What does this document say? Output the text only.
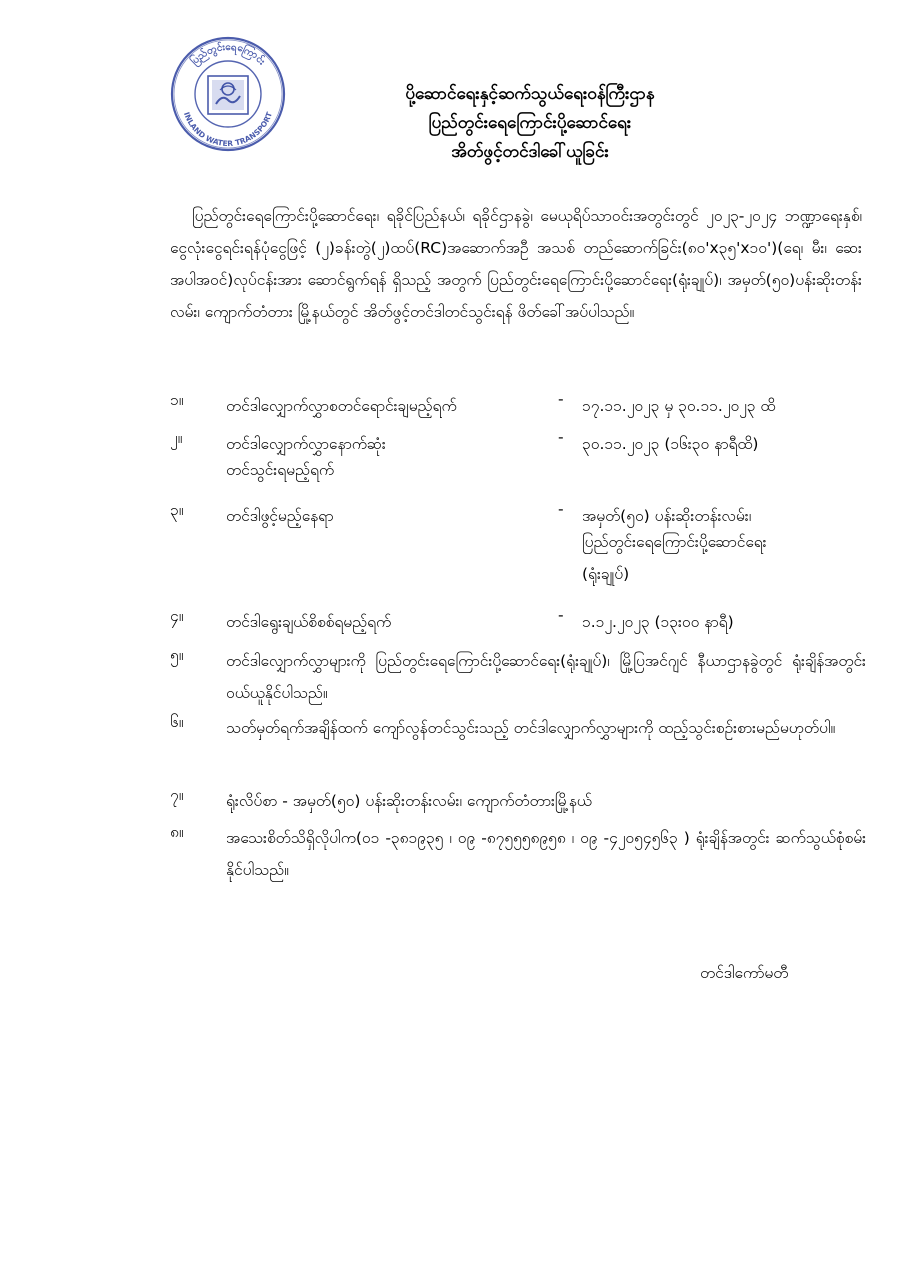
ပြည်တွင်းရေကြောင်း
INLAND WATER TRANSPORT
ပို့ဆောင်ရေးနှင့်ဆက်သွယ်ရေးဝန်ကြီးဌာန
ပြည်တွင်းရေကြောင်းပို့ဆောင်ရေး
အိတ်ဖွင့်တင်ဒါခေါ်ယူခြင်း
ပြည်တွင်းရေကြောင်းပို့ဆောင်ရေး၊ ရခိုင်ပြည်နယ်၊ ရခိုင်ဌာနခွဲ၊ မေယုရိပ်သာဝင်းအတွင်းတွင် ၂၀၂၃-၂၀၂၄ ဘဏ္ဍာရေးနှစ်၊ ငွေလုံးငွေရင်းရန်ပုံငွေဖြင့် (၂)ခန်းတွဲ(၂)ထပ်(RC)အဆောက်အဦ အသစ် တည်ဆောက်ခြင်း(၈၀'x၃၅'x၁၀')(ရေ၊ မီး၊ ဆေး အပါအဝင်)လုပ်ငန်းအား ဆောင်ရွက်ရန် ရှိသည့် အတွက် ပြည်တွင်းရေကြောင်းပို့ဆောင်ရေး(ရုံးချုပ်)၊ အမှတ်(၅၀)ပန်းဆိုးတန်းလမ်း၊ ကျောက်တံတား မြို့နယ်တွင် အိတ်ဖွင့်တင်ဒါတင်သွင်းရန် ဖိတ်ခေါ်အပ်ပါသည်။
၁။	တင်ဒါလျှောက်လွှာစတင်ရောင်းချမည့်ရက်	- ၁၇.၁၁.၂၀၂၃ မှ ၃၀.၁၁.၂၀၂၃ ထိ
၂။	တင်ဒါလျှောက်လွှာနောက်ဆုံး
တင်သွင်းရမည့်ရက်
- ၃၀.၁၁.၂၀၂၃ (၁၆း၃၀ နာရီထိ)
၃။	တင်ဒါဖွင့်မည့်နေရာ	- အမှတ်(၅၀) ပန်းဆိုးတန်းလမ်း၊
ပြည်တွင်းရေကြောင်းပို့ဆောင်ရေး
(ရုံးချုပ်)
၄။	တင်ဒါရွေးချယ်စိစစ်ရမည့်ရက်	- ၁.၁၂.၂၀၂၃ (၁၃း၀၀ နာရီ)
၅။	တင်ဒါလျှောက်လွှာများကို ပြည်တွင်းရေကြောင်းပို့ဆောင်ရေး(ရုံးချုပ်)၊ မြို့ပြအင်ဂျင် နီယာဌာနခွဲတွင် ရုံးချိန်အတွင်း ဝယ်ယူနိုင်ပါသည်။
၆။	သတ်မှတ်ရက်အချိန်ထက် ကျော်လွန်တင်သွင်းသည့် တင်ဒါလျှောက်လွှာများကို ထည့်သွင်းစဉ်းစားမည်မဟုတ်ပါ။
၇။	ရုံးလိပ်စာ - အမှတ်(၅၀) ပန်းဆိုးတန်းလမ်း၊ ကျောက်တံတားမြို့နယ်
၈။	အသေးစိတ်သိရှိလိုပါက(၀၁ -၃၈၁၉၃၅ ၊ ၀၉ -၈၇၅၅၅၈၉၅၈ ၊ ၀၉ -၄၂၀၅၄၅၆၃ ) ရုံးချိန်အတွင်း ဆက်သွယ်စုံစမ်းနိုင်ပါသည်။
တင်ဒါကော်မတီ
